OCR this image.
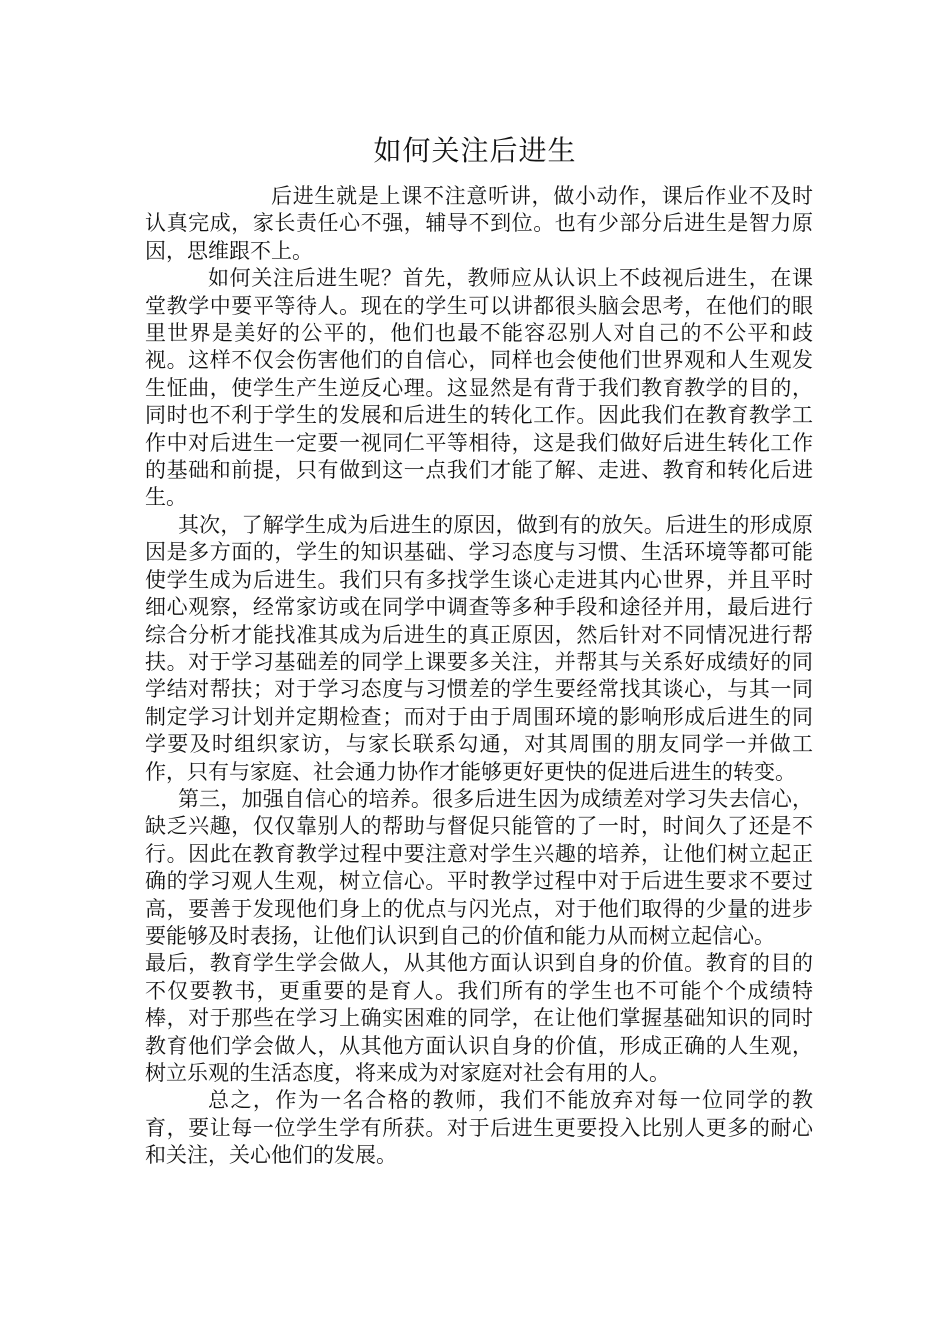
如何关注后进生

后进生就是上课不注意听讲，做小动作，课后作业不及时认真完成，家长责任心不强，辅导不到位。也有少部分后进生是智力原因，思维跟不上。

如何关注后进生呢？首先，教师应从认识上不歧视后进生，在课堂教学中要平等待人。现在的学生可以讲都很头脑会思考，在他们的眼里世界是美好的公平的，他们也最不能容忍别人对自己的不公平和歧视。这样不仅会伤害他们的自信心，同样也会使他们世界观和人生观发生怔曲，使学生产生逆反心理。这显然是有背于我们教育教学的目的，同时也不利于学生的发展和后进生的转化工作。因此我们在教育教学工作中对后进生一定要一视同仁平等相待，这是我们做好后进生转化工作的基础和前提，只有做到这一点我们才能了解、走进、教育和转化后进生。

其次，了解学生成为后进生的原因，做到有的放矢。后进生的形成原因是多方面的，学生的知识基础、学习态度与习惯、生活环境等都可能使学生成为后进生。我们只有多找学生谈心走进其内心世界，并且平时细心观察，经常家访或在同学中调查等多种手段和途径并用，最后进行综合分析才能找准其成为后进生的真正原因，然后针对不同情况进行帮扶。对于学习基础差的同学上课要多关注，并帮其与关系好成绩好的同学结对帮扶；对于学习态度与习惯差的学生要经常找其谈心，与其一同制定学习计划并定期检查；而对于由于周围环境的影响形成后进生的同学要及时组织家访，与家长联系勾通，对其周围的朋友同学一并做工作，只有与家庭、社会通力协作才能够更好更快的促进后进生的转变。

第三，加强自信心的培养。很多后进生因为成绩差对学习失去信心，缺乏兴趣，仅仅靠别人的帮助与督促只能管的了一时，时间久了还是不行。因此在教育教学过程中要注意对学生兴趣的培养，让他们树立起正确的学习观人生观，树立信心。平时教学过程中对于后进生要求不要过高，要善于发现他们身上的优点与闪光点，对于他们取得的少量的进步要能够及时表扬，让他们认识到自己的价值和能力从而树立起信心。

最后，教育学生学会做人，从其他方面认识到自身的价值。教育的目的不仅要教书，更重要的是育人。我们所有的学生也不可能个个成绩特棒，对于那些在学习上确实困难的同学，在让他们掌握基础知识的同时教育他们学会做人，从其他方面认识自身的价值，形成正确的人生观，树立乐观的生活态度，将来成为对家庭对社会有用的人。

总之，作为一名合格的教师，我们不能放弃对每一位同学的教育，要让每一位学生学有所获。对于后进生更要投入比别人更多的耐心和关注，关心他们的发展。
